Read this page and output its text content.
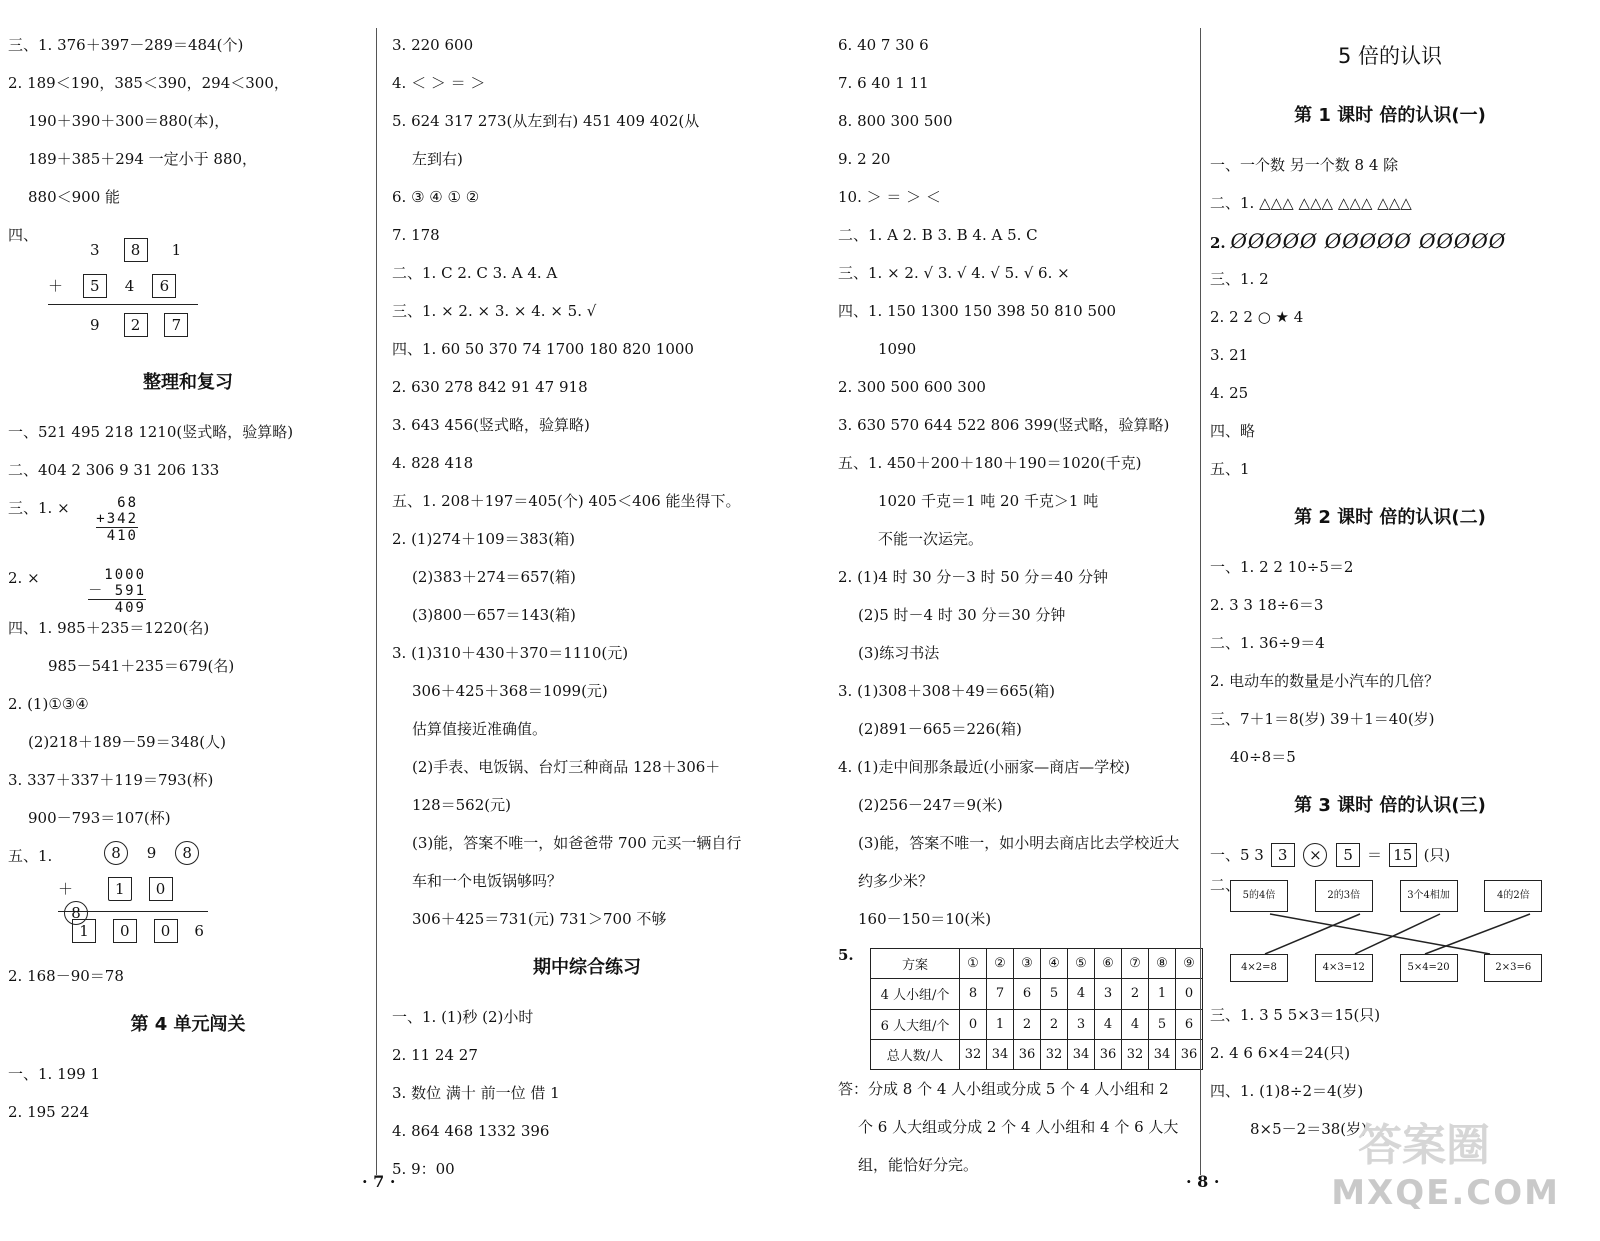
三、1. 376＋397－289＝484(个)
2. 189＜190，385＜390，294＜300，
190＋390＋300＝880(本)，
189＋385＋294 一定小于 880，
880＜900 能
四、
3 8 1
＋ 5 4 6
9 2 7
整理和复习
一、521 495 218 1210(竖式略，验算略)
二、404 2 306 9 31 206 133
三、1. ×	68
+342
410
2. ×	1000
－ 591
409
四、1. 985＋235＝1220(名)
985－541＋235＝679(名)
2. (1)①③④
(2)218＋189－59＝348(人)
3. 337＋337＋119＝793(杯)
900－793＝107(杯)
五、1.	8 9 8
＋	1 0 8
1 0 0 6
2. 168－90＝78
第 4 单元闯关
一、1. 199 1
2. 195 224
3. 220 600
4. ＜ ＞ ＝ ＞
5. 624 317 273(从左到右) 451 409 402(从
左到右)
6. ③ ④ ① ②
7. 178
二、1. C 2. C 3. A 4. A
三、1. × 2. × 3. × 4. × 5. √
四、1. 60 50 370 74 1700 180 820 1000
2. 630 278 842 91 47 918
3. 643 456(竖式略，验算略)
4. 828 418
五、1. 208＋197＝405(个) 405＜406 能坐得下。
2. (1)274＋109＝383(箱)
(2)383＋274＝657(箱)
(3)800－657＝143(箱)
3. (1)310＋430＋370＝1110(元)
306＋425＋368＝1099(元)
估算值接近准确值。
(2)手表、电饭锅、台灯三种商品 128＋306＋
128＝562(元)
(3)能，答案不唯一，如爸爸带 700 元买一辆自行
车和一个电饭锅够吗？
306＋425＝731(元) 731＞700 不够
期中综合练习
一、1. (1)秒 (2)小时
2. 11 24 27
3. 数位 满十 前一位 借 1
4. 864 468 1332 396
5. 9：00
· 7 ·
6. 40 7 30 6
7. 6 40 1 11
8. 800 300 500
9. 2 20
10. ＞ ＝ ＞ ＜
二、1. A 2. B 3. B 4. A 5. C
三、1. × 2. √ 3. √ 4. √ 5. √ 6. ×
四、1. 150 1300 150 398 50 810 500
1090
2. 300 500 600 300
3. 630 570 644 522 806 399(竖式略，验算略)
五、1. 450＋200＋180＋190＝1020(千克)
1020 千克＝1 吨 20 千克＞1 吨
不能一次运完。
2. (1)4 时 30 分－3 时 50 分＝40 分钟
(2)5 时－4 时 30 分＝30 分钟
(3)练习书法
3. (1)308＋308＋49＝665(箱)
(2)891－665＝226(箱)
4. (1)走中间那条最近(小丽家—商店—学校)
(2)256－247＝9(米)
(3)能，答案不唯一，如小明去商店比去学校近大
约多少米？
160－150＝10(米)
5.
方案	①	②	③	④	⑤	⑥	⑦	⑧	⑨
4 人小组/个	8	7	6	5	4	3	2	1	0
6 人大组/个	0	1	2	2	3	4	4	5	6
总人数/人	32	34	36	32	34	36	32	34	36
答：分成 8 个 4 人小组或分成 5 个 4 人小组和 2
个 6 人大组或分成 2 个 4 人小组和 4 个 6 人大
组，能恰好分完。
5 倍的认识
第 1 课时 倍的认识(一)
一、一个数 另一个数 8 4 除
二、1. △△△ △△△ △△△ △△△
2. ØØØØØ ØØØØØ ØØØØØ
三、1. 2
2. 2 2 ○ ★ 4
3. 21
4. 25
四、略
五、1
第 2 课时 倍的认识(二)
一、1. 2 2 10÷5＝2
2. 3 3 18÷6＝3
二、1. 36÷9＝4
2. 电动车的数量是小汽车的几倍？
三、7＋1＝8(岁) 39＋1＝40(岁)
40÷8＝5
第 3 课时 倍的认识(三)
一、5 3 3 × 5 ＝ 15 (只)
二、
5的4倍	2的3倍	3个4相加	4的2倍
4×2=8	4×3=12	5×4=20	2×3=6
三、1. 3 5 5×3＝15(只)
2. 4 6 6×4＝24(只)
四、1. (1)8÷2＝4(岁)
8×5－2＝38(岁)
· 8 ·
答案圈
MXQE.COM
